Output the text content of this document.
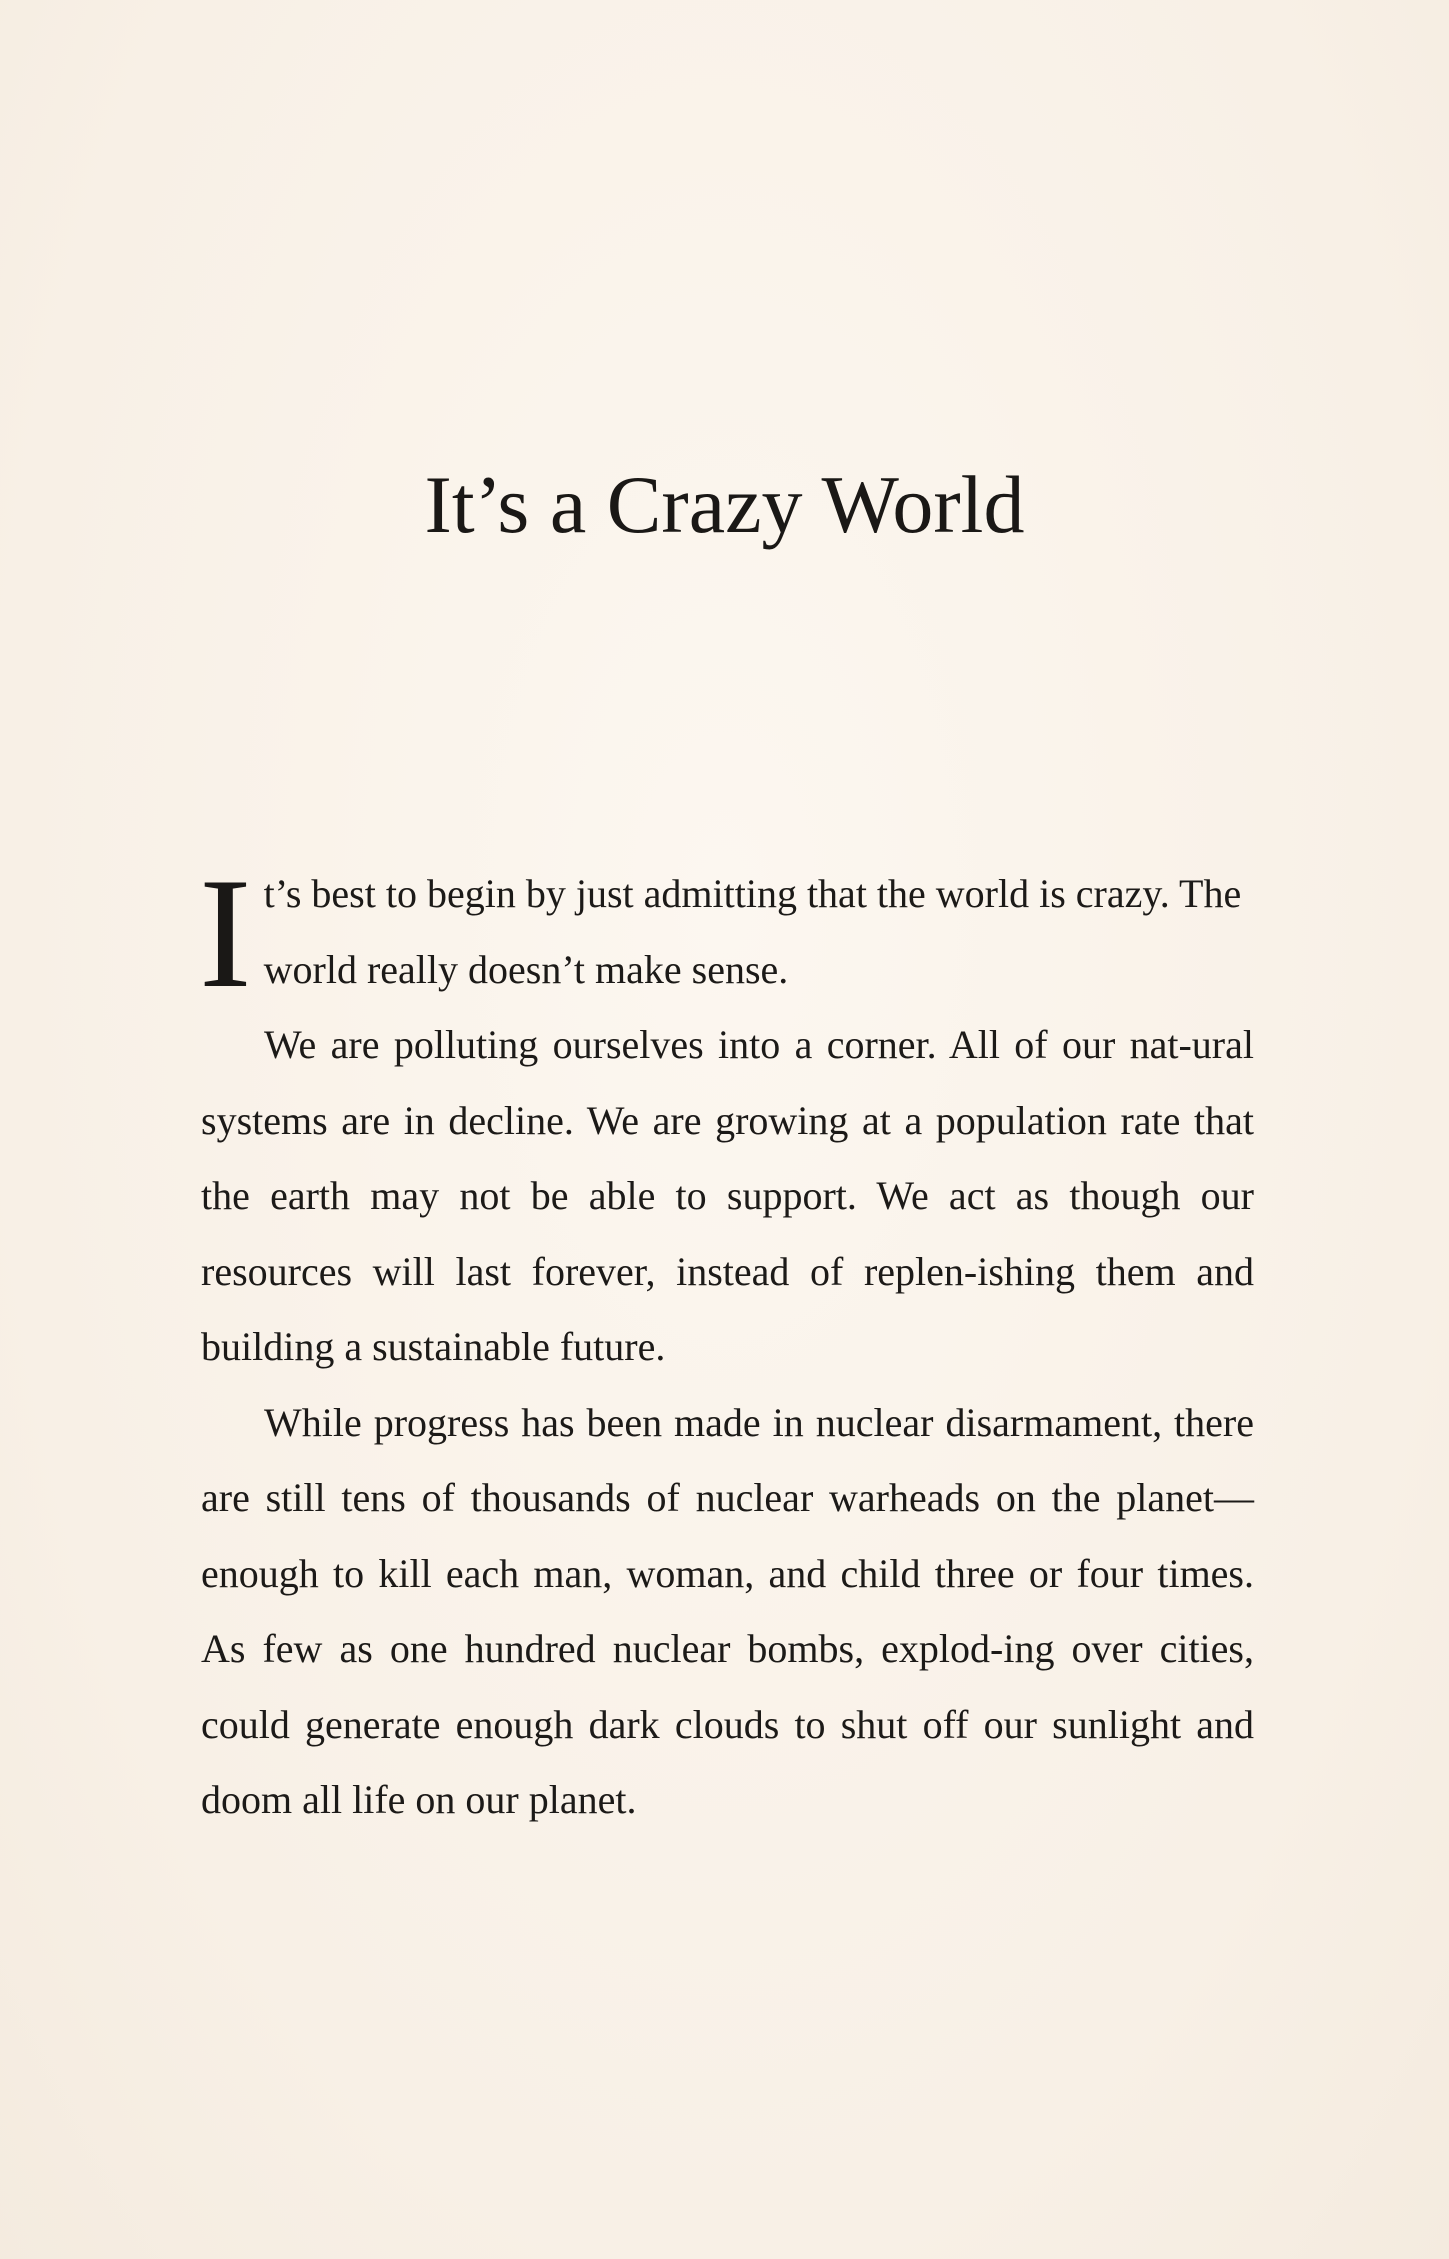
It’s a Crazy World

It’s best to begin by just admitting that the world is crazy. The world really doesn’t make sense.

We are polluting ourselves into a corner. All of our nat-ural systems are in decline. We are growing at a population rate that the earth may not be able to support. We act as though our resources will last forever, instead of replen-ishing them and building a sustainable future.

While progress has been made in nuclear disarmament, there are still tens of thousands of nuclear warheads on the planet—enough to kill each man, woman, and child three or four times. As few as one hundred nuclear bombs, explod-ing over cities, could generate enough dark clouds to shut off our sunlight and doom all life on our planet.
